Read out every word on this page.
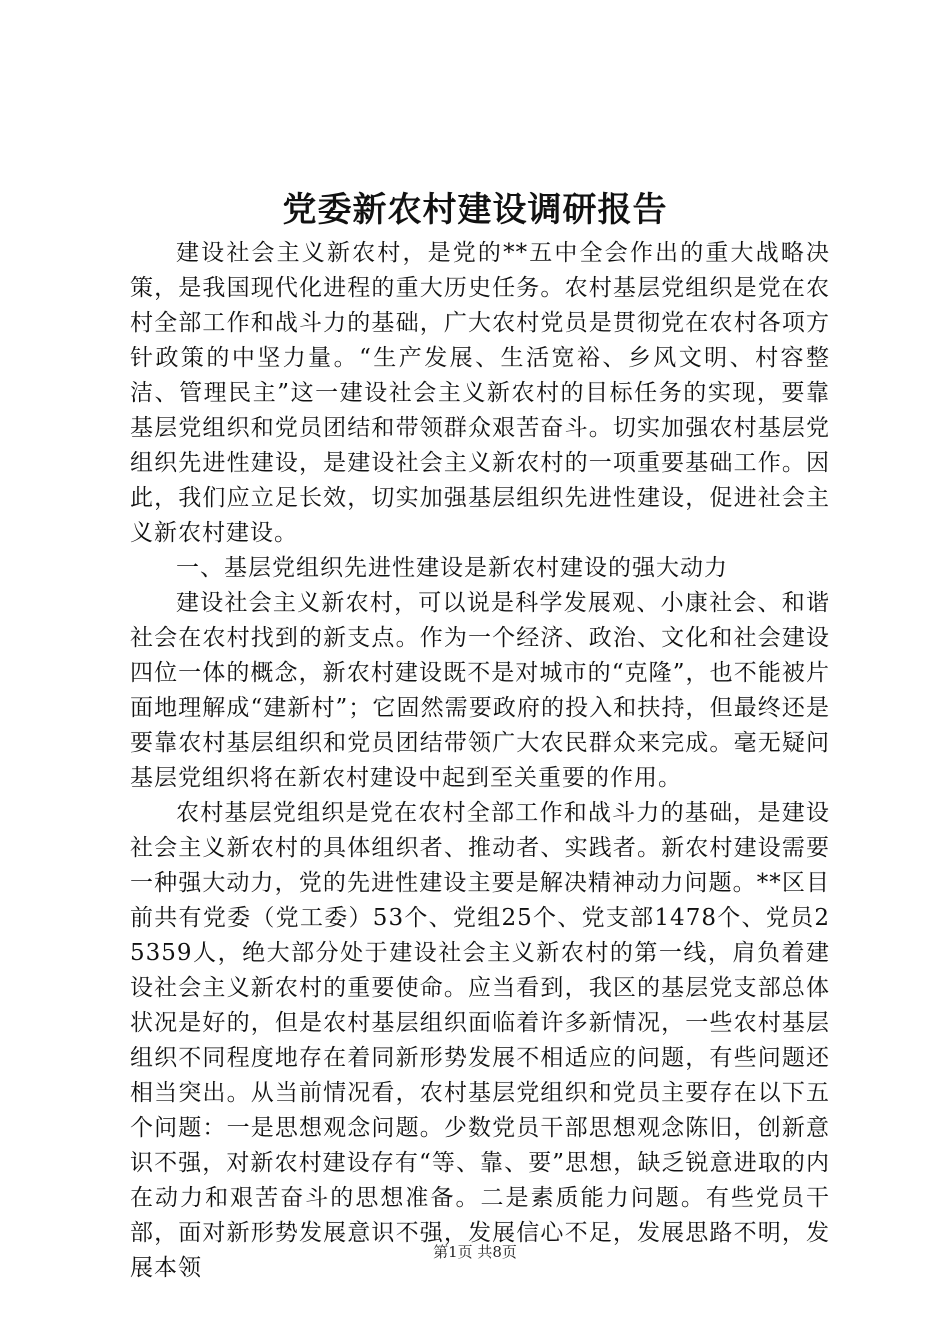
党委新农村建设调研报告

建设社会主义新农村，是党的**五中全会作出的重大战略决策，是我国现代化进程的重大历史任务。农村基层党组织是党在农村全部工作和战斗力的基础，广大农村党员是贯彻党在农村各项方针政策的中坚力量。“生产发展、生活宽裕、乡风文明、村容整洁、管理民主”这一建设社会主义新农村的目标任务的实现，要靠基层党组织和党员团结和带领群众艰苦奋斗。切实加强农村基层党组织先进性建设，是建设社会主义新农村的一项重要基础工作。因此，我们应立足长效，切实加强基层组织先进性建设，促进社会主义新农村建设。

一、基层党组织先进性建设是新农村建设的强大动力

建设社会主义新农村，可以说是科学发展观、小康社会、和谐社会在农村找到的新支点。作为一个经济、政治、文化和社会建设四位一体的概念，新农村建设既不是对城市的“克隆”，也不能被片面地理解成“建新村”；它固然需要政府的投入和扶持，但最终还是要靠农村基层组织和党员团结带领广大农民群众来完成。毫无疑问基层党组织将在新农村建设中起到至关重要的作用。

农村基层党组织是党在农村全部工作和战斗力的基础，是建设社会主义新农村的具体组织者、推动者、实践者。新农村建设需要一种强大动力，党的先进性建设主要是解决精神动力问题。**区目前共有党委（党工委）53个、党组25个、党支部1478个、党员25359人，绝大部分处于建设社会主义新农村的第一线，肩负着建设社会主义新农村的重要使命。应当看到，我区的基层党支部总体状况是好的，但是农村基层组织面临着许多新情况，一些农村基层组织不同程度地存在着同新形势发展不相适应的问题，有些问题还相当突出。从当前情况看，农村基层党组织和党员主要存在以下五个问题：一是思想观念问题。少数党员干部思想观念陈旧，创新意识不强，对新农村建设存有“等、靠、要”思想，缺乏锐意进取的内在动力和艰苦奋斗的思想准备。二是素质能力问题。有些党员干部，面对新形势发展意识不强，发展信心不足，发展思路不明，发展本领

第1页 共8页
